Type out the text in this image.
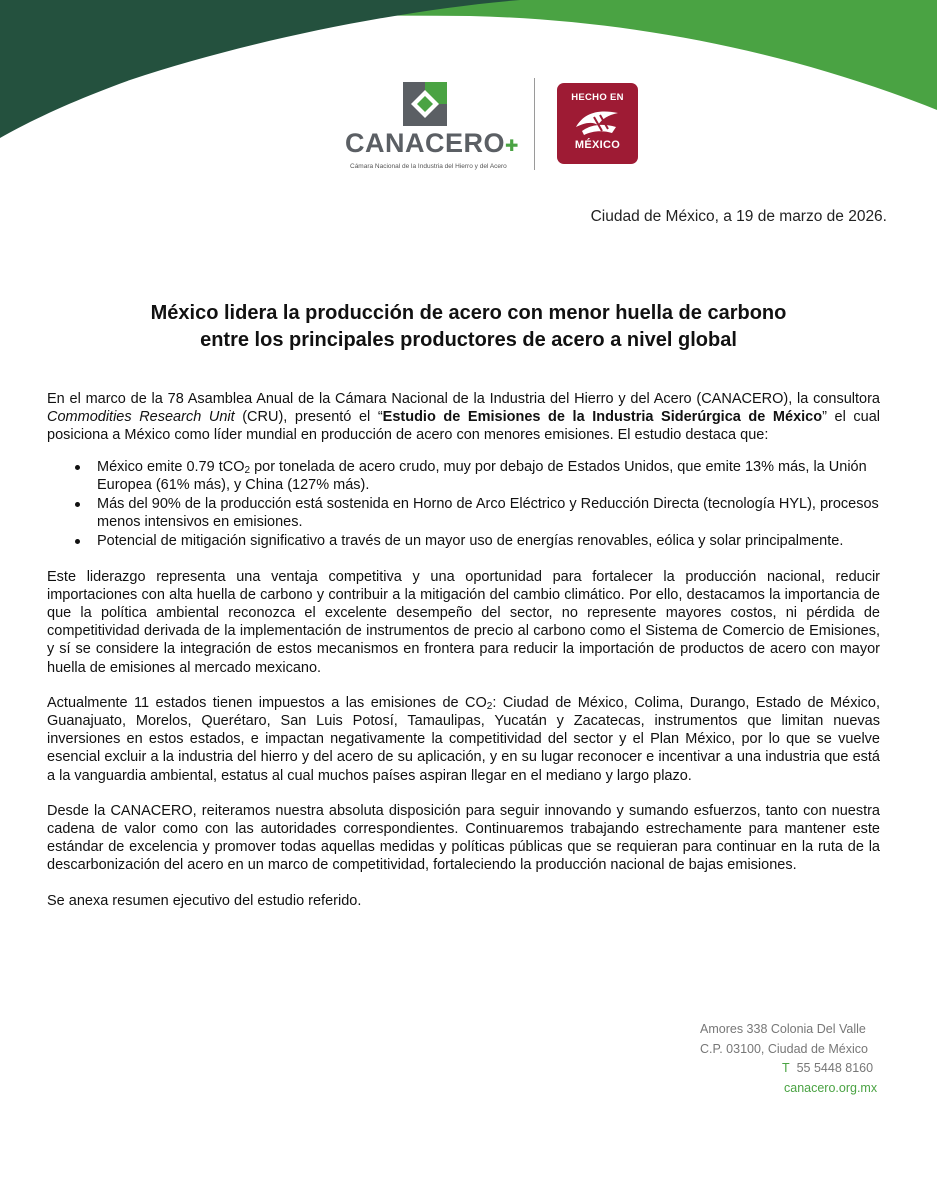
CANACERO✚
Cámara Nacional de la Industria del Hierro y del Acero
HECHO EN
MÉXICO
Ciudad de México, a 19 de marzo de 2026.
México lidera la producción de acero con menor huella de carbono
entre los principales productores de acero a nivel global

En el marco de la 78 Asamblea Anual de la Cámara Nacional de la Industria del Hierro y del Acero (CANACERO), la consultora Commodities Research Unit (CRU), presentó el “Estudio de Emisiones de la Industria Siderúrgica de México” el cual posiciona a México como líder mundial en producción de acero con menores emisiones. El estudio destaca que:

México emite 0.79 tCO$_2$ por tonelada de acero crudo, muy por debajo de Estados Unidos, que emite 13% más, la Unión Europea (61% más), y China (127% más).
Más del 90% de la producción está sostenida en Horno de Arco Eléctrico y Reducción Directa (tecnología HYL), procesos menos intensivos en emisiones.
Potencial de mitigación significativo a través de un mayor uso de energías renovables, eólica y solar principalmente.

Este liderazgo representa una ventaja competitiva y una oportunidad para fortalecer la producción nacional, reducir importaciones con alta huella de carbono y contribuir a la mitigación del cambio climático. Por ello, destacamos la importancia de que la política ambiental reconozca el excelente desempeño del sector, no represente mayores costos, ni pérdida de competitividad derivada de la implementación de instrumentos de precio al carbono como el Sistema de Comercio de Emisiones, y sí se considere la integración de estos mecanismos en frontera para reducir la importación de productos de acero con mayor huella de emisiones al mercado mexicano.

Actualmente 11 estados tienen impuestos a las emisiones de $CO_2$: Ciudad de México, Colima, Durango, Estado de México, Guanajuato, Morelos, Querétaro, San Luis Potosí, Tamaulipas, Yucatán y Zacatecas, instrumentos que limitan nuevas inversiones en estos estados, e impactan negativamente la competitividad del sector y el Plan México, por lo que se vuelve esencial excluir a la industria del hierro y del acero de su aplicación, y en su lugar reconocer e incentivar a una industria que está a la vanguardia ambiental, estatus al cual muchos países aspiran llegar en el mediano y largo plazo.

Desde la CANACERO, reiteramos nuestra absoluta disposición para seguir innovando y sumando esfuerzos, tanto con nuestra cadena de valor como con las autoridades correspondientes. Continuaremos trabajando estrechamente para mantener este estándar de excelencia y promover todas aquellas medidas y políticas públicas que se requieran para continuar en la ruta de la descarbonización del acero en un marco de competitividad, fortaleciendo la producción nacional de bajas emisiones.

Se anexa resumen ejecutivo del estudio referido.

Amores 338 Colonia Del Valle
C.P. 03100, Ciudad de México
T 55 5448 8160
canacero.org.mx
